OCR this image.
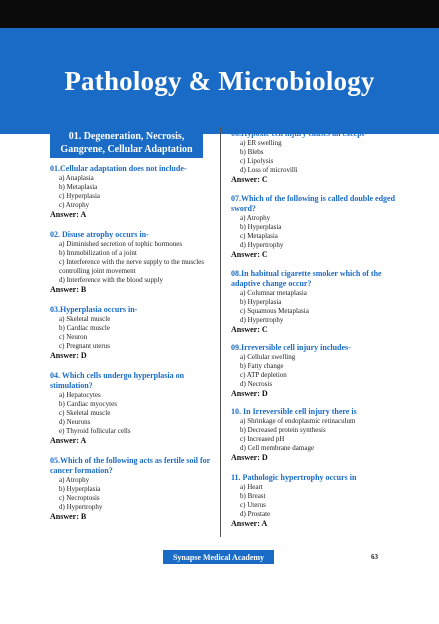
Pathology & Microbiology
01. Degeneration, Necrosis, Gangrene, Cellular Adaptation
01.Cellular adaptation does not include-
a) Anaplasia
b) Metaplasia
c) Hyperplasia
c) Atrophy
Answer: A
02. Disuse atrophy occurs in-
a) Diminished secretion of tophic hormones
b) Immobilization of a joint
c) Interference with the nerve supply to the muscles controlling joint movement
d) Interference with the blood supply
Answer: B
03.Hyperplasia occurs in-
a) Skeletal muscle
b) Cardiac muscle
c) Neuron
c) Pregnant uterus
Answer: D
04. Which cells undergo hyperplasia on stimulation?
a) Hepatocytes
b) Cardiac myocytes
c) Skeletal muscle
d) Neurons
e) Thyroid follicular cells
Answer: A
05.Which of the following acts as fertile soil for cancer formation?
a) Atrophy
b) Hyperplasia
c) Necroptosis
d) Hypertrophy
Answer: B
06.Hypoxic cell injury causes all except-
a) ER swelling
b) Blebs
c) Lipolysis
d) Loss of microvilli
Answer: C
07.Which of the following is called double edged sword?
a) Atrophy
b) Hyperplasia
c) Metaplasia
d) Hypertrophy
Answer: C
08.In habitual cigarette smoker which of the adaptive change occur?
a) Columnar metaplasia
b) Hyperplasia
c) Squamous Metaplasia
d) Hypertrophy
Answer: C
09.Irreversible cell injury includes-
a) Cellular swelling
b) Fatty change
c) ATP depletion
d) Necrosis
Answer: D
10. In Irreversible cell injury there is
a) Shrinkage of endoplasmic retinaculum
b) Decreased protein synthesis
c) Increased pH
d) Cell membrane damage
Answer: D
11. Pathologic hypertrophy occurs in
a) Heart
b) Breast
c) Uterus
d) Prostate
Answer: A
Synapse Medical Academy	63
